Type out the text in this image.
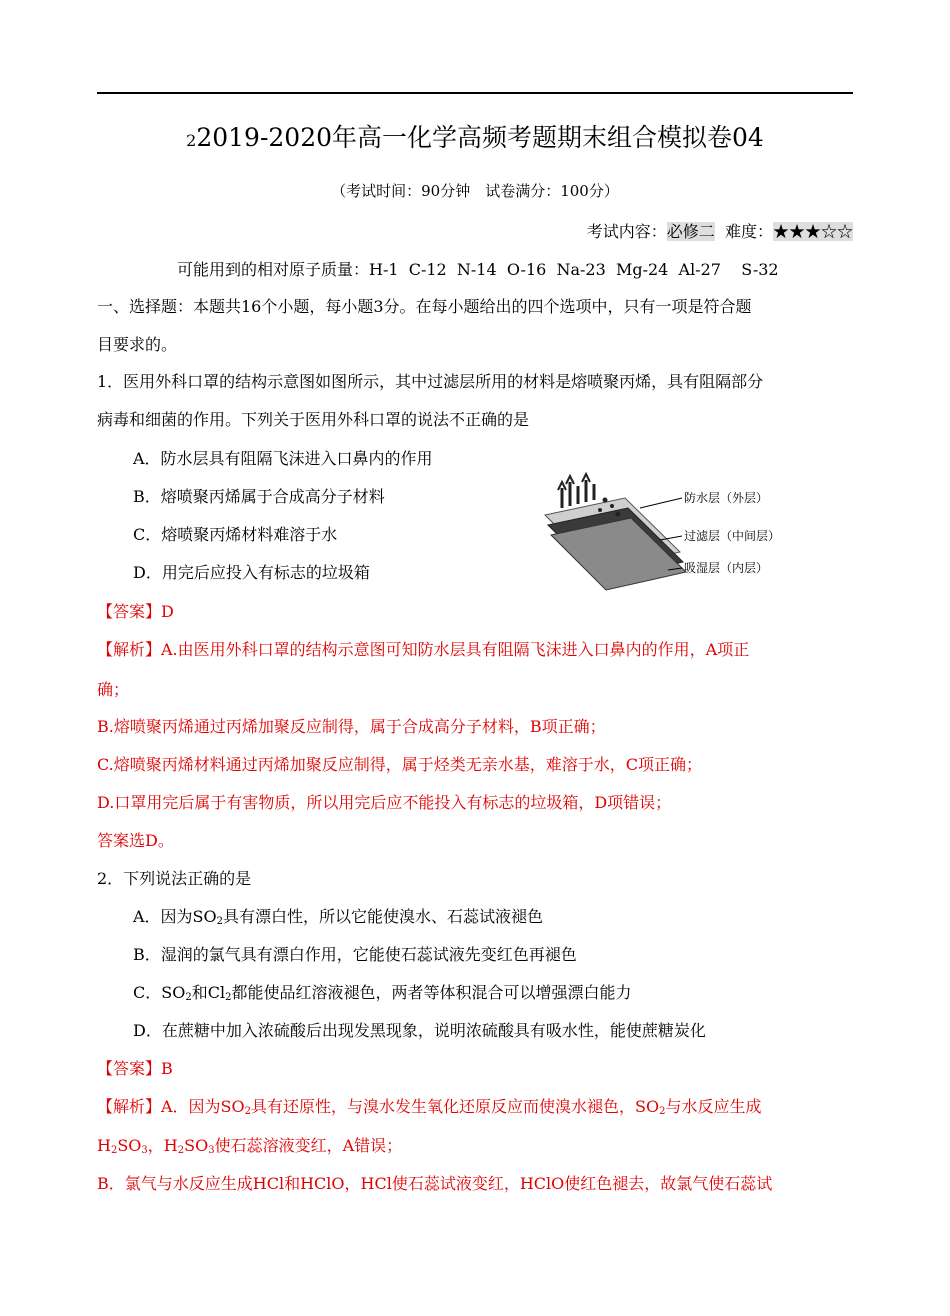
22019-2020年高一化学高频考题期末组合模拟卷04
（考试时间：90分钟　试卷满分：100分）
考试内容：必修二 难度：★★★☆☆
可能用到的相对原子质量：H-1  C-12  N-14  O-16  Na-23  Mg-24  Al-27    S-32
一、选择题：本题共16个小题，每小题3分。在每小题给出的四个选项中，只有一项是符合题
目要求的。
1．医用外科口罩的结构示意图如图所示，其中过滤层所用的材料是熔喷聚丙烯，具有阻隔部分
病毒和细菌的作用。下列关于医用外科口罩的说法不正确的是
A．防水层具有阻隔飞沫进入口鼻内的作用
B．熔喷聚丙烯属于合成高分子材料
C．熔喷聚丙烯材料难溶于水
D．用完后应投入有标志的垃圾箱
防水层（外层）
过滤层（中间层）
吸湿层（内层）
【答案】D
【解析】A.由医用外科口罩的结构示意图可知防水层具有阻隔飞沫进入口鼻内的作用，A项正
确；
B.熔喷聚丙烯通过丙烯加聚反应制得，属于合成高分子材料，B项正确；
C.熔喷聚丙烯材料通过丙烯加聚反应制得，属于烃类无亲水基，难溶于水，C项正确；
D.口罩用完后属于有害物质，所以用完后应不能投入有标志的垃圾箱，D项错误；
答案选D。
2．下列说法正确的是
A．因为$SO_2$具有漂白性，所以它能使溴水、石蕊试液褪色
B．湿润的氯气具有漂白作用，它能使石蕊试液先变红色再褪色
C．$SO_2$和$Cl_2$都能使品红溶液褪色，两者等体积混合可以增强漂白能力
D．在蔗糖中加入浓硫酸后出现发黑现象，说明浓硫酸具有吸水性，能使蔗糖炭化
【答案】B
【解析】A．因为$SO_2$具有还原性，与溴水发生氧化还原反应而使溴水褪色，$SO_2$与水反应生成
$H_2SO_3$，$H_2SO_3$使石蕊溶液变红，A错误；
B．氯气与水反应生成HCl和HClO，HCl使石蕊试液变红，HClO使红色褪去，故氯气使石蕊试
